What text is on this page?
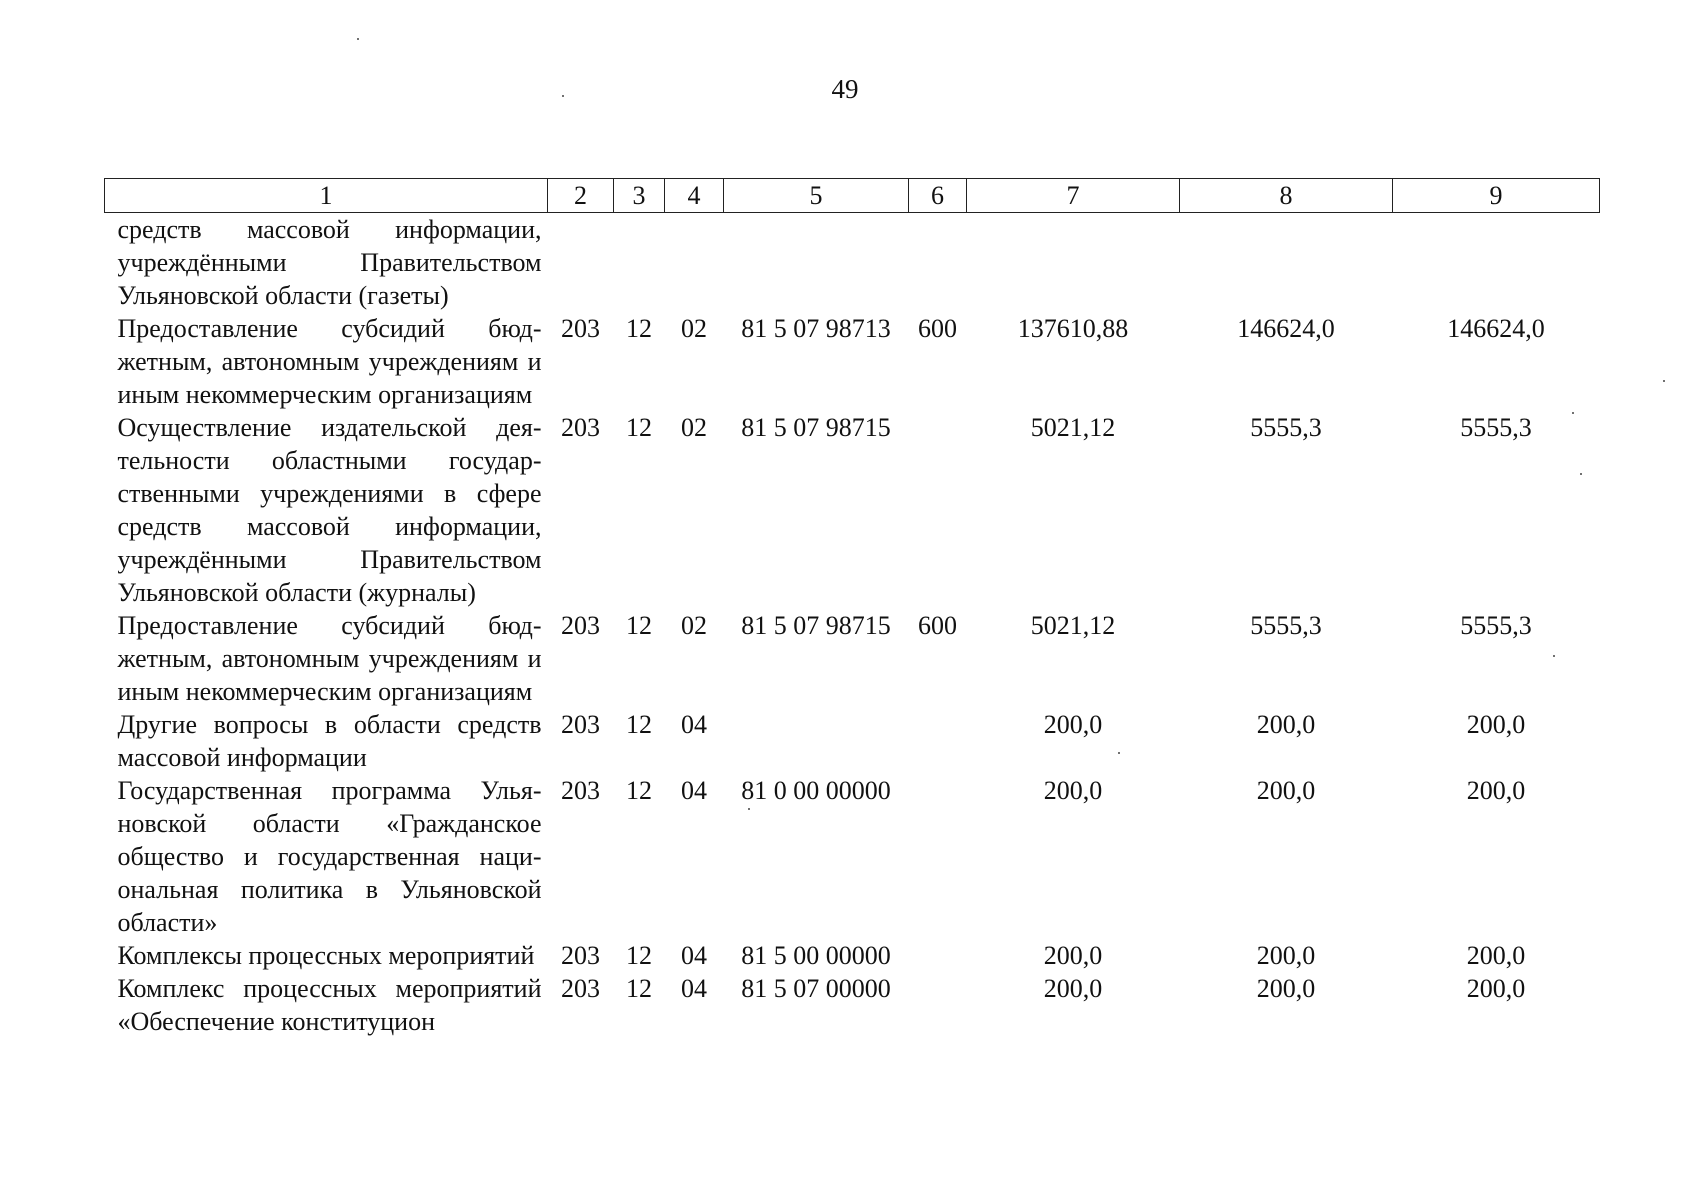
49
1	2	3	4	5	6	7	8	9
средств массовой информации, учреждёнными Правительством Ульяновской области (газеты)								
Предоставление субсидий бюджетным, автономным учреждениям и иным некоммерческим организациям	203	12	02	81 5 07 98713	600	137610,88	146624,0	146624,0
Осуществление издательской деятельности областными государственными учреждениями в сфере средств массовой информации, учреждёнными Правительством Ульяновской области (журналы)	203	12	02	81 5 07 98715		5021,12	5555,3	5555,3
Предоставление субсидий бюджетным, автономным учреждениям и иным некоммерческим организациям	203	12	02	81 5 07 98715	600	5021,12	5555,3	5555,3
Другие вопросы в области средств массовой информации	203	12	04			200,0	200,0	200,0
Государственная программа Ульяновской области «Гражданское общество и государственная национальная политика в Ульяновской области»	203	12	04	81 0 00 00000		200,0	200,0	200,0
Комплексы процессных мероприятий	203	12	04	81 5 00 00000		200,0	200,0	200,0
Комплекс процессных мероприятий «Обеспечение конституцион	203	12	04	81 5 07 00000		200,0	200,0	200,0
